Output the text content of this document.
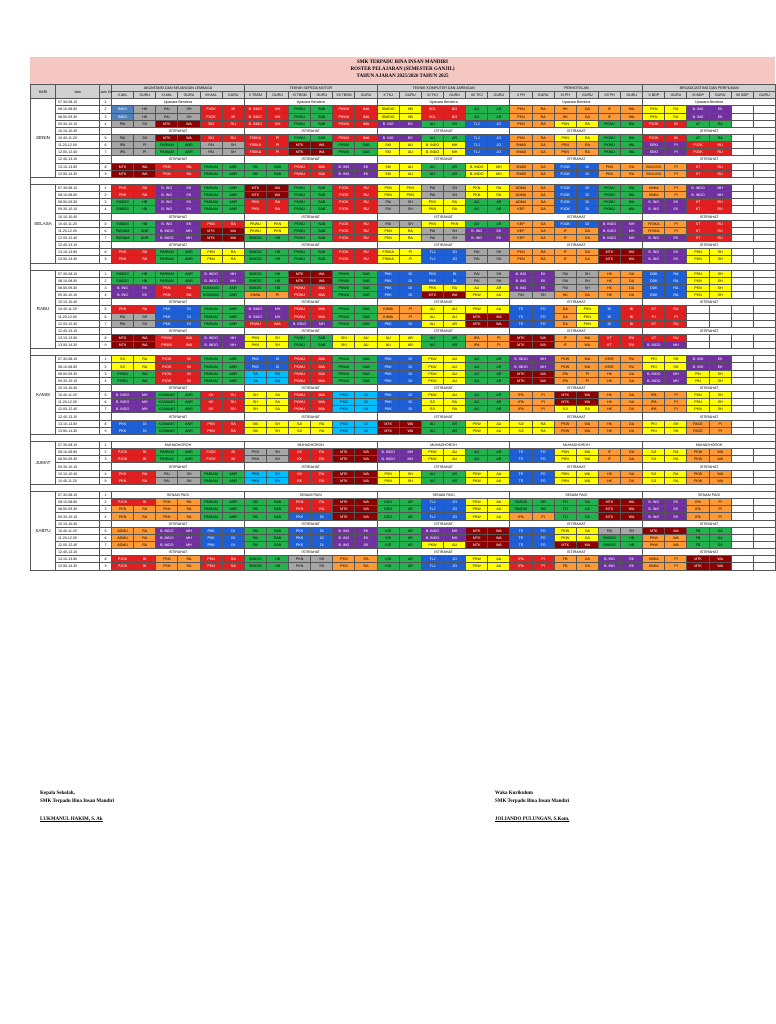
SMK TERPADU BINA INSAN MANDIRI
ROSTER PELAJARAN (SEMESTER GANJIL)
TAHUN AJARAN 2025/2026 TAHUN 2025
HARI	Jam	Jam Ke	AKUNTANSI DAN KEUANGAN LEMBAGA						TEKNIK SEPEDA MOTOR						TEKNIK KOMPUTER DAN JARINGAN						PERHOTELAN						BROADCASTING DAN PERFILMAN					
			X AKL	GURU	XI AKL	GURU	XII AKL	GURU	X TBSM	GURU	XI TBSM	GURU	XII TBSM	GURU	X TKJ	GURU	XI TKJ	GURU	XII TKJ	GURU	X PH	GURU	XI PH	GURU	XII PH	GURU	X BDP	GURU	XI BDP	GURU	XII BDP	GURU
SENIN	07.30-08.10	1	Upacara Bendera						Upacara Bendera						Upacara Bendera						Upacara Bendera						Upacara Bendera					
	08.10-08.50	2	INDO	HH	PAI	SH	PJOK	BI	B. INDO	MH	PKWU	SAB	PKWU	IMA	SIMDIG	HB	KDL	BO	AIJ	AR	PKN	RA	HK	DA	IF	WA	PKN	RA	B. ING	EK		
	08.50-09.30	3	INDO	HH	PAI	SH	PJOK	BI	B. INDO	MH	PKWU	SAB	PKWU	IMA	SIMDIG	HB	KDL	BO	AIJ	AR	PKN	RA	HK	DA	IF	WA	PKN	RA	B. ING	EK		
	09.30-10.10	4	PAI	SH	MTK	WA	SKI	RU	B. INDO	MH	PKWU	SAB	PKWU	IMA	B. ING	EK	AIJ	AR	TLJ	JO	PKN	RA	PKN	RA	PKWU	WA	PJOK	BI	AT	RA		
	10.10-10.40		ISTIRAHAT						ISTIRAHAT						ISTIRAHAT						ISTIRAHAT						ISTIRAHAT					
	10.40-11.20	5	PAI	SH	MTK	WA	SKI	RU	FISIKA	PI	PKWU	SAB	PKWU	IMA	B. ING	EK	AIJ	AR	TLJ	JO	PKN	RA	PKN	RA	PKWU	WA	PJOK	BI	AT	RA		
	11.20-12.00	6	IPA	PI	PARIAM	ANR	PAI	SH	FISIKA	PI	MTK	WA	PKWU	SAB	SKI	AU	B. INDO	MH	TLJ	JO	SHAB	DA	PKN	RA	PKWU	WA	SEKI	PI	PJOK	RU		
	12.00-12.40	7	IPA	PI	PARIAM	ANR	PAI	SH	FISIKA	PI	MTK	WA	PKWU	SAB	SKI	AU	B. INDO	MH	TLJ	JO	SHAB	DA	PKN	RA	PKWU	WA	SEKI	PI	PJOK	RU		
	12.40-13.10		ISTIRAHAT						ISTIRAHAT						ISTIRAHAT						ISTIRAHAT						ISTIRAHAT					
	13.10-13.50	8	MTK	WA	PKN	RA	PARIAM	ANR	SKI	SAB	PKWU	IMA	B. ING	EK	SKI	AU	AIJ	AR	B. INDO	MH	SHAB	DA	PJOK	DI	PKN	RA	BIOLOGI	PI	KT	RU		
	13.50-14.30	9	MTK	WA	PKN	RA	PARIAM	ANR	SKI	SAB	PKWU	IMA	B. ING	EK	SKI	AU	AIJ	AR	B. INDO	MH	SHAB	DA	PJOK	DI	PKN	RA	BIOLOGI	PI	KT	RU		

SELASA	07.30-08.10	1	PKN	RA	B. ING	EK	PARIAM	ANR	MTK	WA	PKWU	SAB	PJOK	RU	PKN	PKN	PAI	SH	PKN	RA	ADMU	DA	PJOK	DI	PKWU	WA	KIMIA	PI	B. INDO	MH		
	08.10-08.50	2	PKN	RA	B. ING	EK	PARIAM	ANR	MTK	WA	PKWU	SAB	PJOK	RU	PKN	PKN	PAI	SH	PKN	RA	ADMU	DA	PJOK	DI	PKWU	WA	KIMIA	PI	B. INDO	MH		
	08.50-09.30	3	SIMDIG	HB	B. ING	EK	PARIAM	ANR	PKN	RA	PKWU	SAB	PJOK	RU	PAI	SH	PKN	RA	AIJ	AR	ADMU	DA	PJOK	DI	PKWU	WA	B. ING	EK	KT	RU		
	09.30-10.10	4	SIMDIG	HB	B. ING	EK	PARIAM	ANR	PKN	RA	PKWU	SAB	PJOK	RU	PAI	SH	PKN	RA	AIJ	AR	KEP	DA	PJOK	DI	PKWU	WA	B. ING	EK	KT	RU		
	10.10-10.40		ISTIRAHAT						ISTIRAHAT						ISTIRAHAT						ISTIRAHAT						ISTIRAHAT					
	10.40-11.20	5	SIMDIG	HB	B. ING	EK	PKN	RA	PKWU	PKN	PKWU	SAB	PJOK	RU	PAI	SH	PKN	PKN	AIJ	AR	KEP	DA	PJOK	DI	B. INDO	MH	FISIKA	PI	KT	RU		
	11.20-12.00	6	PARIAM	ANR	B. INDO	MH	MTK	WA	PKWU	PKN	PKWU	SAB	PJOK	RU	PKN	RA	PAI	SH	B. ING	EK	KEP	DA	IF	DA	B. INDO	MH	FISIKA	PI	KT	RU		
	12.00-12.40	7	PARIAM	ANR	B. INDO	MH	MTK	WA	SIMDIG	HB	PKWU	SAB	PJOK	RU	PKN	RA	PAI	SH	B. ING	EK	KEP	DA	IF	DA	B. INDO	MH	B. ING	EK	KT	RU		
	12.40-13.10		ISTIRAHAT						ISTIRAHAT						ISTIRAHAT						ISTIRAHAT						ISTIRAHAT					
	13.10-13.50	8	PKN	RA	PARIAM	ANR	PKN	RA	SIMDIG	HB	PKWU	SAB	PJOK	RU	FISIKA	PI	TLJ	JO	PAI	SH	PKN	RA	IF	DA	MTK	WA	B. ING	EK	PKN	SH		
	13.50-14.30	9	PKN	RA	PARIAM	ANR	PKN	RA	SIMDIG	HB	PKWU	SAB	PJOK	RU	FISIKA	PI	TLJ	JO	PAI	SH	PKN	RA	IF	DA	MTK	WA	B. ING	EK	PKN	SH		

RABU	07.30-08.10	1	SIMDIG	HB	PARIAM	ANR	B. INDO	MH	SIMDIG	HB	MTK	WA	PKWU	SAB	PKK	DI	PKK	DI	PAI	SH	B. ING	EK	PAI	SH	HK	DA	DDK	RA	PKN	SH		
	08.10-08.50	2	SIMDIG	HB	PARIAM	ANR	B. INDO	MH	SIMDIG	HB	MTK	WA	PKWU	SAB	PKK	DI	PKK	DI	PAI	SH	B. ING	EK	PAI	SH	HK	DA	DDK	RA	PKN	SH		
	08.50-09.30	3	B. ING	EK	PKN	RA	KOMAMO	ANR	SIMDIG	HB	PKWU	IMA	PKWU	SAB	PKK	DI	PKN	RA	AU	AR	B. ING	EK	PAI	SH	HK	DA	DDK	RA	PKN	SH		
	09.30-10.10	4	B. ING	EK	PKN	RA	KOMAMO	ANR	KIMIA	PI	PKWU	IMA	PKWU	SAB	PKK	DI	MTK	WA	PKW	AU	PAI	SH	HK	DA	HK	DA	DDK	RA	PKN	SH		
	10.10-10.40		ISTIRAHAT						ISTIRAHAT						ISTIRAHAT						ISTIRAHAT						ISTIRAHAT					
	10.40-11.20	5	PKN	RA	PKK	DI	PARIAM	ANR	B. INDO	MH	PKWU	IMA	PKWU	SAB	KIMIA	PI	AU	AIJ	PKW	AU	TE	FO	DA	PKN	DI	BI	KT	RU				
	11.20-12.00	6	PAI	SH	PKK	DI	PARIAM	ANR	B. INDO	MH	PKWU	IMA	PKWU	SAB	KIMIA	PI	AU	AIJ	MTK	WA	TE	FO	DA	PKN	DI	BI	PJ	PI				
	12.00-12.40	7	PAI	SH	PKK	DI	PARIAM	ANR	PKWU	IMA	B. INDO	MH	PKWU	SAB	PKK	DI	AU	AR	MTK	WA	TE	FO	DA	PKN	DI	BI	KT	RU				
	12.40-13.10		ISTIRAHAT						ISTIRAHAT						ISTIRAHAT						ISTIRAHAT						ISTIRAHAT					
	13.10-13.50	8	MTK	WA	PKWU	IMA	B. INDO	MH	PKN	SH	PKWU	SAB	SKI	AU	AU	AR	AIJ	AR	IPA	PI	MTK	WA	IF	WA	KT	RU	KT	RU				
	13.50-14.30	9	MTK	WA	PKWU	IMA	B. INDO	MH	PKN	SH	PKWU	SAB	SKI	AU	AU	AR	AIJ	AR	IPA	PI	MTK	WA	IF	WA	KT	RU	B. INDO	MH				

KAMIS	07.30-08.10	1	SJI	RA	PJOK	BI	PARIAM	ANR	PKK	DI	PKWU	IMA	PKWU	SAB	PKK	DI	PKW	AU	AIJ	AR	B. INDO	MH	PKW	WA	KEIR	RU	PKI	SH	B. ING	EK		
	08.10-08.50	2	SJI	RA	PJOK	BI	PARIAM	ANR	PKK	DI	PKWU	IMA	PKWU	SAB	PKK	DI	PKW	AU	AIJ	AR	B. INDO	MH	PKW	WA	KEIR	RU	PKI	SH	B. ING	EK		
	08.50-09.30	3	PKWU	WA	PJOK	BI	PARIAM	ANR	SA	RA	PKWU	IMA	PKWU	SAB	PKK	DI	PKW	AU	AIJ	AR	MTK	WA	IPA	PI	HK	DA	B. INDO	MH	PKI	SH		
	09.30-10.10	4	PKWU	WA	PJOK	BI	PARIAM	ANR	SA	RA	PKWU	IMA	PKWU	SAB	PKK	DI	PKW	AU	AIJ	AR	MTK	WA	IPA	PI	HK	DA	B. INDO	MH	PKI	SH		
	10.10-10.40		ISTIRAHAT						ISTIRAHAT						ISTIRAHAT						ISTIRAHAT						ISTIRAHAT					
	10.40-11.20	5	B. INDO	MH	KOMAMO	ANR	KK	RU	SH	SA	PKWU	IMA	PKN	DI	PKK	DI	PKW	AU	AIJ	AR	IPA	PI	MTK	WA	HK	DA	IPA	PI	PKN	SH		
	11.20-12.00	6	B. INDO	MH	KOMAMO	ANR	KK	RU	SH	SA	PKWU	IMA	PKN	DI	PKK	DI	SJI	RA	AIJ	AR	IPA	PI	MTK	WA	HK	DA	IPA	PI	PKN	SH		
	12.00-12.40	7	B. INDO	MH	KOMAMO	ANR	KK	RU	SH	SA	PKWU	IMA	PKN	DI	PKK	DI	SJI	RA	AIJ	AR	IPA	PI	SJI	RA	HK	DA	IPA	PI	PKN	SH		
	12.40-13.10		ISTIRAHAT						ISTIRAHAT						ISTIRAHAT						ISTIRAHAT						ISTIRAHAT					
	13.10-13.50	8	PKK	DI	KOMAMO	ANR	PKN	RA	SKI	SH	SJI	RA	PKN	DI	MTK	WA	AIJ	AR	PKW	AU	SJI	RA	PKW	WA	HK	DA	PKI	SH	PACE	PI		
	13.50-14.30	9	PKK	DI	KOMAMO	ANR	PKN	RA	SKI	SH	SJI	RA	PKN	DI	MTK	WA	AIJ	AR	PKW	AU	SJI	RA	PKW	WA	HK	DA	PKI	SH	PACE	PI		

JUMAT	07.30-08.10	1	MUHADHOROH						MUHADHOROH						MUHADHOROH						MUHADHOROH						MUHADHOROH					
	08.10-08.50	2	PJOK	BI	PARIAM	ANR	PJOK	BI	PKN	SH	KK	RU	MTK	WA	B. INDO	MH	PKW	AU	AIJ	AR	TE	FO	PKN	WA	IF	DA	SJI	RA	PKW	WA		
	08.50-09.30	3	PJOK	BI	PARIAM	ANR	PJOK	BI	PKN	SH	KK	RU	MTK	WA	B. INDO	MH	PKW	AU	AIJ	AR	TE	FO	PKN	WA	IF	DA	SJI	RA	PKW	WA		
	09.30-10.10		ISTIRAHAT						ISTIRAHAT						ISTIRAHAT						ISTIRAHAT						ISTIRAHAT					
	10.10-10.40	4	PKN	RA	PAI	SH	PARIAM	ANR	PKN	SH	KK	RU	MTK	WA	PKN	SH	AIJ	AR	PKW	AU	TE	FO	PKN	WA	HK	DA	SJI	RA	PKW	WA		
	10.40-11.20	5	PKN	RA	PAI	SH	PARIAM	ANR	PKN	SH	KK	RU	MTK	WA	PKN	SH	AIJ	AR	PKW	AU	TE	FO	PKN	WA	HK	DA	SJI	RA	PKW	WA		

SABTU	07.30-08.10	1	SENAM PAGI						SENAM PAGI						SENAM PAGI						SENAM PAGI						SENAM PAGI					
	08.10-08.50	2	PJOK	BI	PKN	RA	PARIAM	ANR	SKI	SAB	PKN	RA	MTK	WA	DDG	AR	TLJ	JO	PKW	AU	SIMDIG	HB	FO	DA	MTK	WA	B. ING	EK	IPA	PI		
	08.50-09.30	3	PKN	RA	PKN	RA	PARIAM	ANR	SKI	SAB	PKN	RA	MTK	WA	DDG	AR	TLJ	JO	PKW	AU	SIMDIG	HB	FO	DA	MTK	WA	B. ING	EK	IPA	PI		
	09.30-10.10	4	PKN	RA	PKN	RA	PARIAM	ANR	SKI	SAB	PKK	DI	MTK	WA	DDG	AR	TLJ	JO	PKW	AU	IPA	PI	FO	DA	MTK	WA	B. ING	EK	IPA	PI		
	10.10-10.40		ISTIRAHAT						ISTIRAHAT						ISTIRAHAT						ISTIRAHAT						ISTIRAHAT					
	10.40-11.20	5	ADMU	RA	B. INDO	MH	PKK	DI	SKI	SAB	PKK	DI	B. ING	EK	KID	AR	B. INDO	MH	MTK	WA	TE	FO	PKW	DA	PAI	SH	MTK	WA	FB	DA		
	11.20-12.00	6	ADMU	RA	B. INDO	MH	PKK	DI	SKI	SAB	PKK	DI	B. ING	EK	KID	AR	B. INDO	MH	MTK	WA	TE	FO	PKW	DA	SIMDIG	HB	PKW	WA	FB	DA		
	12.00-12.40	7	ADMU	RA	B. INDO	MH	PKK	DI	SKI	SAB	PKK	DI	B. ING	EK	KID	AR	PKW	AU	MTK	WA	TE	FO	MTK	WA	SIMDIG	HB	PKW	WA	FB	DA		
	12.40-13.10		ISTIRAHAT						ISTIRAHAT						ISTIRAHAT						ISTIRAHAT						ISTIRAHAT					
	13.10-13.50	8	PJOK	BI	PKN	RA	PKN	RA	SIMDIG	HB	PKN	SH	PKN	RA	KID	AR	TLJ	JO	PKW	AU	IPA	PI	FB	DA	B. ING	EK	KIMIA	PI	MTK	WA		
	13.50-14.30	9	PJOK	BI	PKN	RA	PKN	RA	SIMDIG	HB	PKN	SH	PKN	RA	KID	AR	TLJ	JO	PKW	AU	IPA	PI	FB	DA	B. ING	EK	KIMIA	PI	MTK	WA		
Kepala Sekolah,
SMK Terpadu Bina Insan Mandiri
LUKMANUL HAKIM, S. Ak
Waka Kurikulum
SMK Terpadu Bina Insan Mandiri
JOLIANDO PULUNGAN, S.Kom.
